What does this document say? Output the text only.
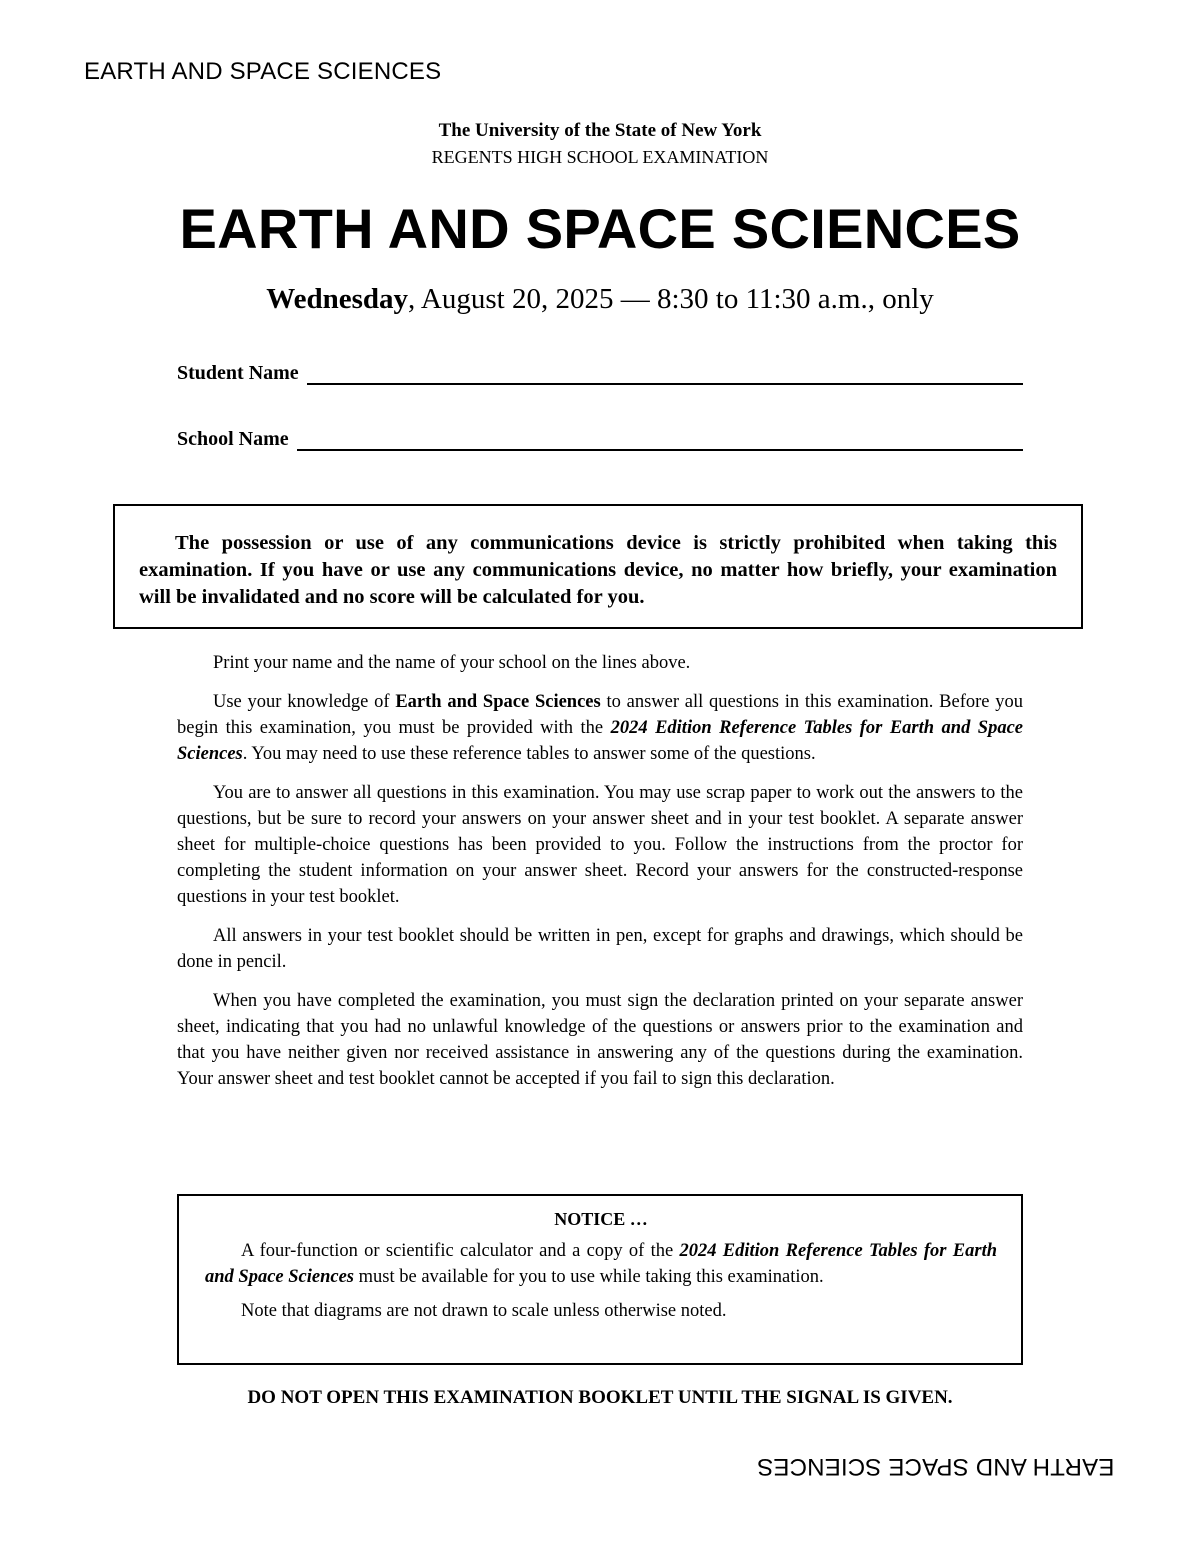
EARTH AND SPACE SCIENCES
The University of the State of New York
REGENTS HIGH SCHOOL EXAMINATION
EARTH AND SPACE SCIENCES
Wednesday, August 20, 2025 — 8:30 to 11:30 a.m., only
Student Name
School Name
The possession or use of any communications device is strictly prohibited when taking this examination. If you have or use any communications device, no matter how briefly, your examination will be invalidated and no score will be calculated for you.

Print your name and the name of your school on the lines above.

Use your knowledge of Earth and Space Sciences to answer all questions in this examination. Before you begin this examination, you must be provided with the 2024 Edition Reference Tables for Earth and Space Sciences. You may need to use these reference tables to answer some of the questions.

You are to answer all questions in this examination. You may use scrap paper to work out the answers to the questions, but be sure to record your answers on your answer sheet and in your test booklet. A separate answer sheet for multiple-choice questions has been provided to you. Follow the instructions from the proctor for completing the student information on your answer sheet. Record your answers for the constructed-response questions in your test booklet.

All answers in your test booklet should be written in pen, except for graphs and drawings, which should be done in pencil.

When you have completed the examination, you must sign the declaration printed on your separate answer sheet, indicating that you had no unlawful knowledge of the questions or answers prior to the examination and that you have neither given nor received assistance in answering any of the questions during the examination. Your answer sheet and test booklet cannot be accepted if you fail to sign this declaration.

NOTICE …

A four-function or scientific calculator and a copy of the 2024 Edition Reference Tables for Earth and Space Sciences must be available for you to use while taking this examination.

Note that diagrams are not drawn to scale unless otherwise noted.

DO NOT OPEN THIS EXAMINATION BOOKLET UNTIL THE SIGNAL IS GIVEN.
EARTH AND SPACE SCIENCES
